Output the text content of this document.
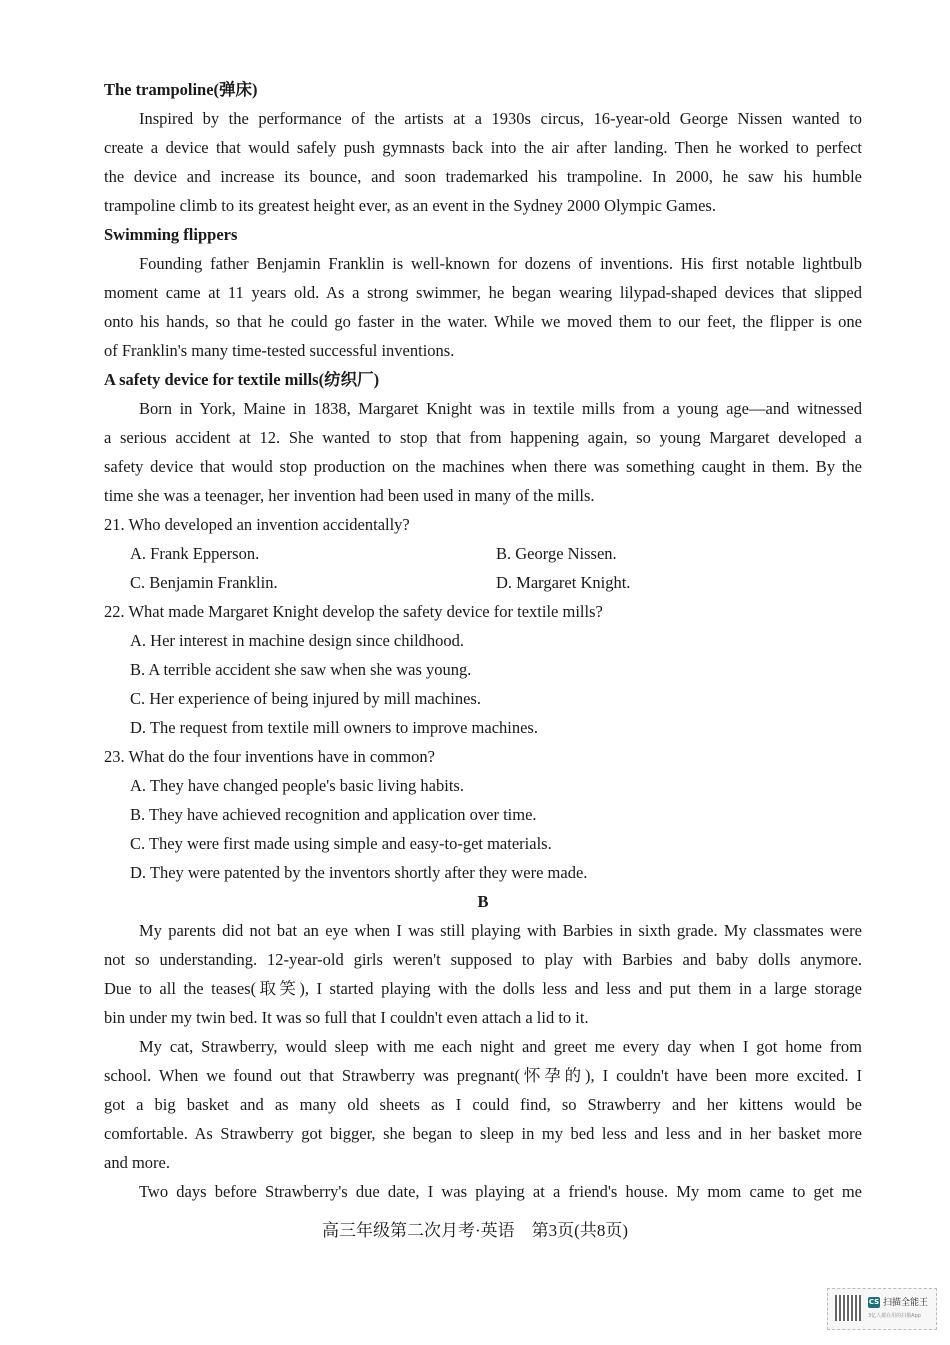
The trampoline(弹床)
Inspired by the performance of the artists at a 1930s circus, 16-year-old George Nissen wanted to
create a device that would safely push gymnasts back into the air after landing. Then he worked to perfect
the device and increase its bounce, and soon trademarked his trampoline. In 2000, he saw his humble
trampoline climb to its greatest height ever, as an event in the Sydney 2000 Olympic Games.
Swimming flippers
Founding father Benjamin Franklin is well-known for dozens of inventions. His first notable lightbulb
moment came at 11 years old. As a strong swimmer, he began wearing lilypad-shaped devices that slipped
onto his hands, so that he could go faster in the water. While we moved them to our feet, the flipper is one
of Franklin's many time-tested successful inventions.
A safety device for textile mills(纺织厂)
Born in York, Maine in 1838, Margaret Knight was in textile mills from a young age—and witnessed
a serious accident at 12. She wanted to stop that from happening again, so young Margaret developed a
safety device that would stop production on the machines when there was something caught in them. By the
time she was a teenager, her invention had been used in many of the mills.
21. Who developed an invention accidentally?
A. Frank Epperson.	B. George Nissen.
C. Benjamin Franklin.	D. Margaret Knight.
22. What made Margaret Knight develop the safety device for textile mills?
A. Her interest in machine design since childhood.
B. A terrible accident she saw when she was young.
C. Her experience of being injured by mill machines.
D. The request from textile mill owners to improve machines.
23. What do the four inventions have in common?
A. They have changed people's basic living habits.
B. They have achieved recognition and application over time.
C. They were first made using simple and easy-to-get materials.
D. They were patented by the inventors shortly after they were made.
B
My parents did not bat an eye when I was still playing with Barbies in sixth grade. My classmates were
not so understanding. 12-year-old girls weren't supposed to play with Barbies and baby dolls anymore.
Due to all the teases(取笑), I started playing with the dolls less and less and put them in a large storage
bin under my twin bed. It was so full that I couldn't even attach a lid to it.
My cat, Strawberry, would sleep with me each night and greet me every day when I got home from
school. When we found out that Strawberry was pregnant(怀孕的), I couldn't have been more excited. I
got a big basket and as many old sheets as I could find, so Strawberry and her kittens would be
comfortable. As Strawberry got bigger, she began to sleep in my bed less and less and in her basket more
and more.
Two days before Strawberry's due date, I was playing at a friend's house. My mom came to get me
高三年级第二次月考·英语　第3页(共8页)
CS 扫描全能王
3亿人都在用的扫描App
